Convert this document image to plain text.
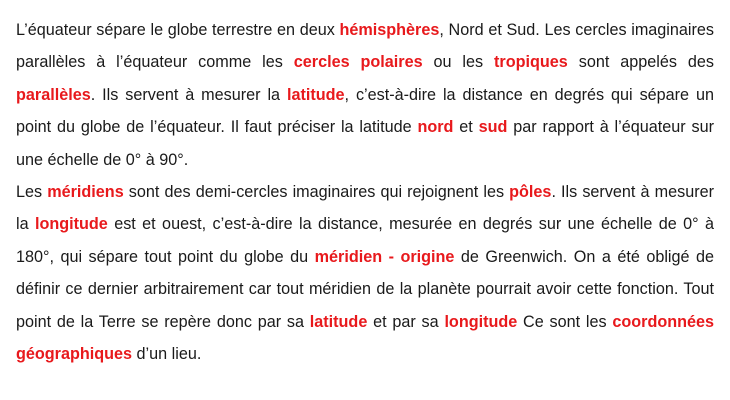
L’équateur sépare le globe terrestre en deux hémisphères, Nord et Sud. Les cercles imaginaires parallèles à l’équateur comme les cercles polaires ou les tropiques sont appelés des parallèles. Ils servent à mesurer la latitude, c’est-à-dire la distance en degrés qui sépare un point du globe de l’équateur. Il faut préciser la latitude nord et sud par rapport à l’équateur sur une échelle de 0° à 90°.

Les méridiens sont des demi-cercles imaginaires qui rejoignent les pôles. Ils servent à mesurer la longitude est et ouest, c’est-à-dire la distance, mesurée en degrés sur une échelle de 0° à 180°, qui sépare tout point du globe du méridien - origine de Greenwich. On a été obligé de définir ce dernier arbitrairement car tout méridien de la planète pourrait avoir cette fonction. Tout point de la Terre se repère donc par sa latitude et par sa longitude Ce sont les coordonnées géographiques d’un lieu.
